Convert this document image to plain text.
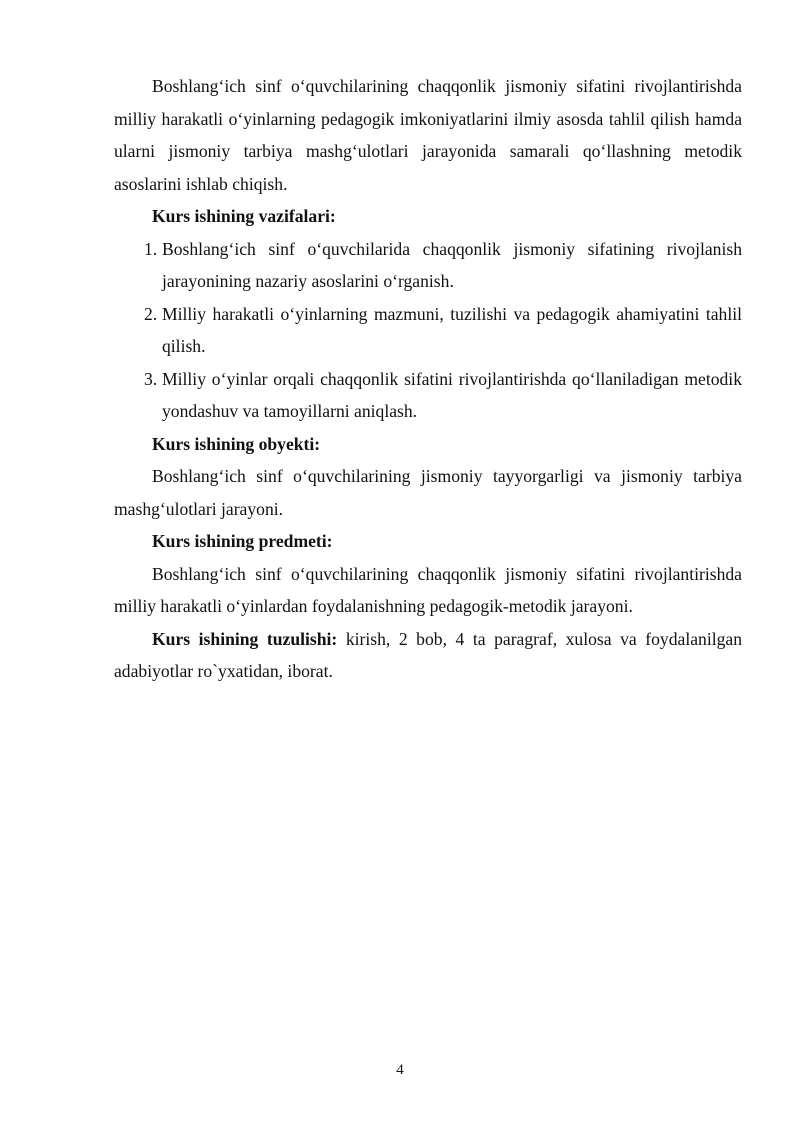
Boshlang‘ich sinf o‘quvchilarining chaqqonlik jismoniy sifatini rivojlantirishda milliy harakatli o‘yinlarning pedagogik imkoniyatlarini ilmiy asosda tahlil qilish hamda ularni jismoniy tarbiya mashg‘ulotlari jarayonida samarali qo‘llashning metodik asoslarini ishlab chiqish.

Kurs ishining vazifalari:

1. Boshlang‘ich sinf o‘quvchilarida chaqqonlik jismoniy sifatining rivojlanish jarayonining nazariy asoslarini o‘rganish.
2. Milliy harakatli o‘yinlarning mazmuni, tuzilishi va pedagogik ahamiyatini tahlil qilish.
3. Milliy o‘yinlar orqali chaqqonlik sifatini rivojlantirishda qo‘llaniladigan metodik yondashuv va tamoyillarni aniqlash.

Kurs ishining obyekti:

Boshlang‘ich sinf o‘quvchilarining jismoniy tayyorgarligi va jismoniy tarbiya mashg‘ulotlari jarayoni.

Kurs ishining predmeti:

Boshlang‘ich sinf o‘quvchilarining chaqqonlik jismoniy sifatini rivojlantirishda milliy harakatli o‘yinlardan foydalanishning pedagogik-metodik jarayoni.

Kurs ishining tuzulishi: kirish, 2 bob, 4 ta paragraf, xulosa va foydalanilgan adabiyotlar ro`yxatidan, iborat.

4
